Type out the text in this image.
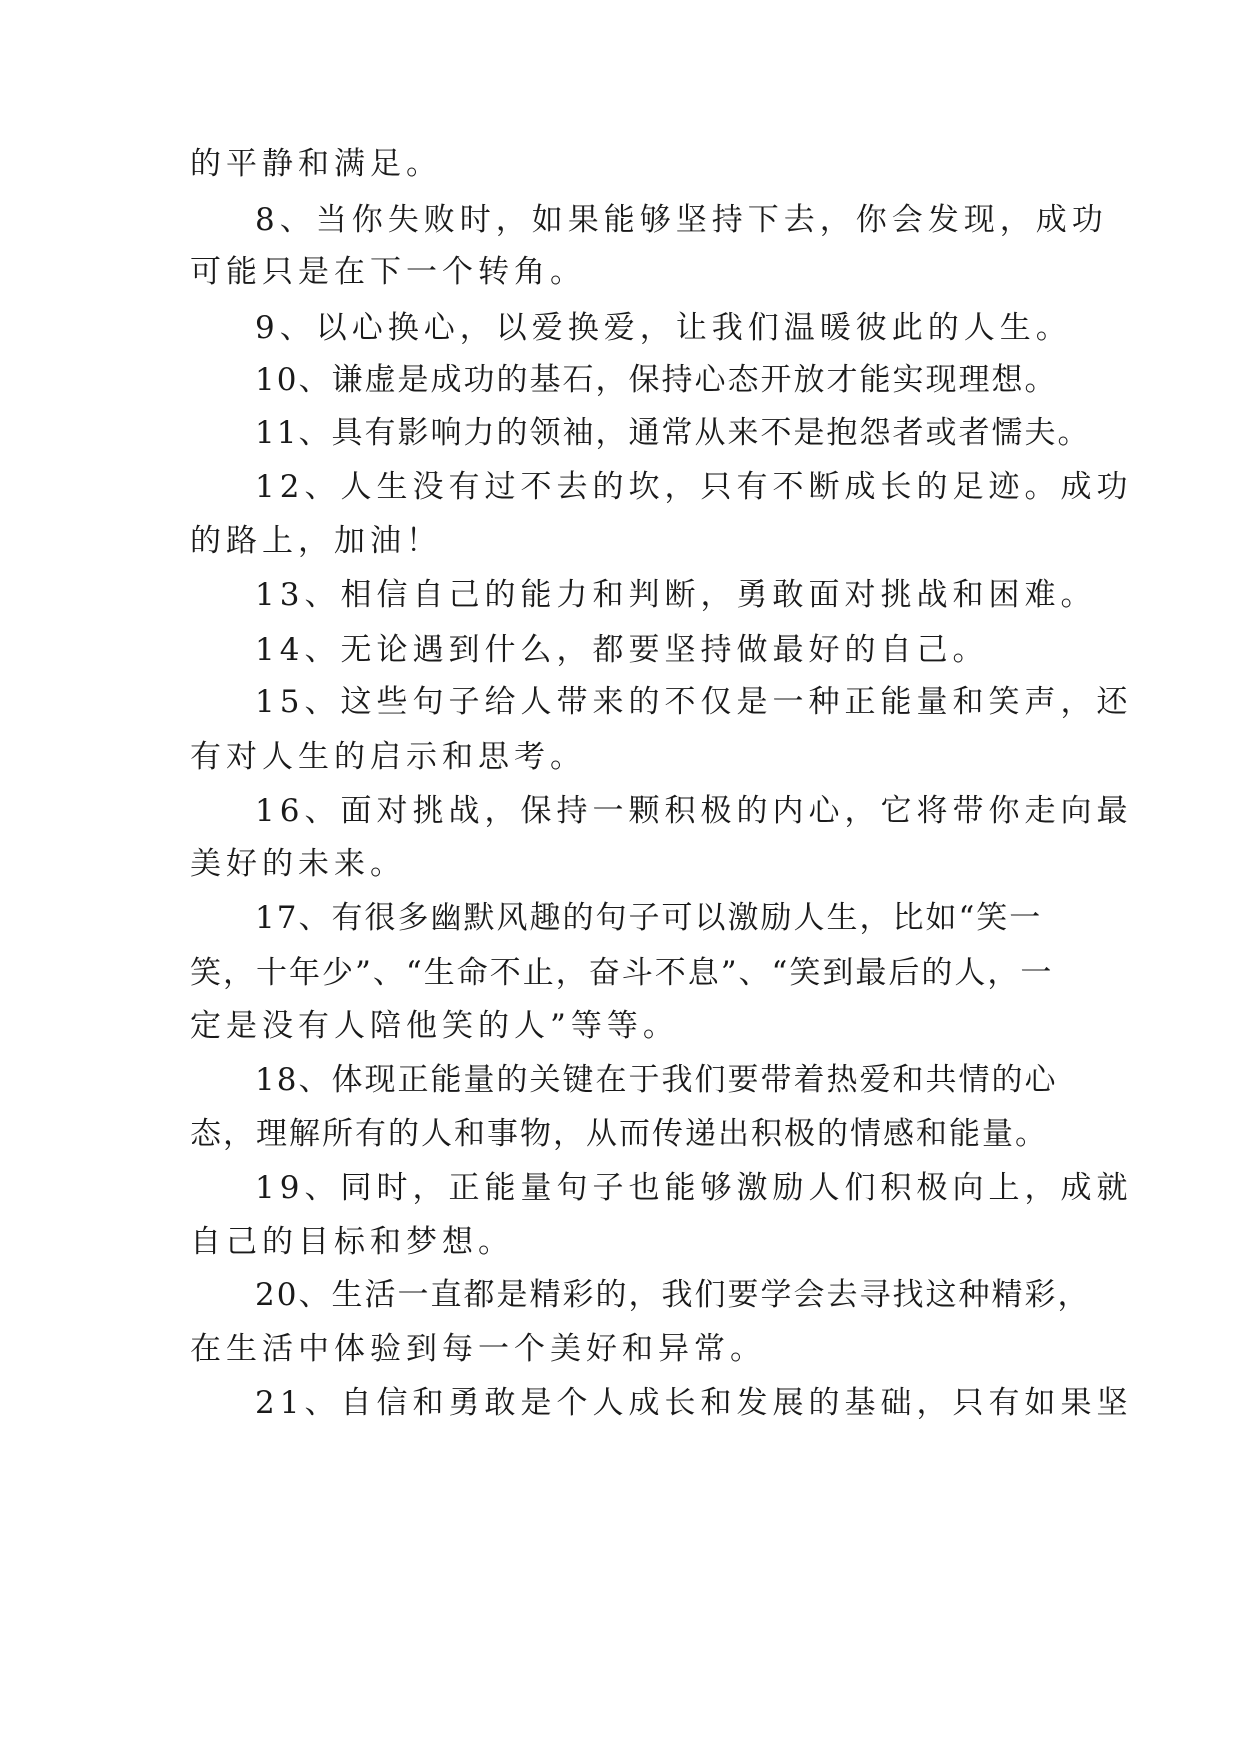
的平静和满足。
8、当你失败时，如果能够坚持下去，你会发现，成功
可能只是在下一个转角。
9、以心换心，以爱换爱，让我们温暖彼此的人生。
10、谦虚是成功的基石，保持心态开放才能实现理想。
11、具有影响力的领袖，通常从来不是抱怨者或者懦夫。
12、人生没有过不去的坎，只有不断成长的足迹。成功
的路上，加油！
13、相信自己的能力和判断，勇敢面对挑战和困难。
14、无论遇到什么，都要坚持做最好的自己。
15、这些句子给人带来的不仅是一种正能量和笑声，还
有对人生的启示和思考。
16、面对挑战，保持一颗积极的内心，它将带你走向最
美好的未来。
17、有很多幽默风趣的句子可以激励人生，比如“笑一
笑，十年少”、“生命不止，奋斗不息”、“笑到最后的人，一
定是没有人陪他笑的人”等等。
18、体现正能量的关键在于我们要带着热爱和共情的心
态，理解所有的人和事物，从而传递出积极的情感和能量。
19、同时，正能量句子也能够激励人们积极向上，成就
自己的目标和梦想。
20、生活一直都是精彩的，我们要学会去寻找这种精彩，
在生活中体验到每一个美好和异常。
21、自信和勇敢是个人成长和发展的基础，只有如果坚
